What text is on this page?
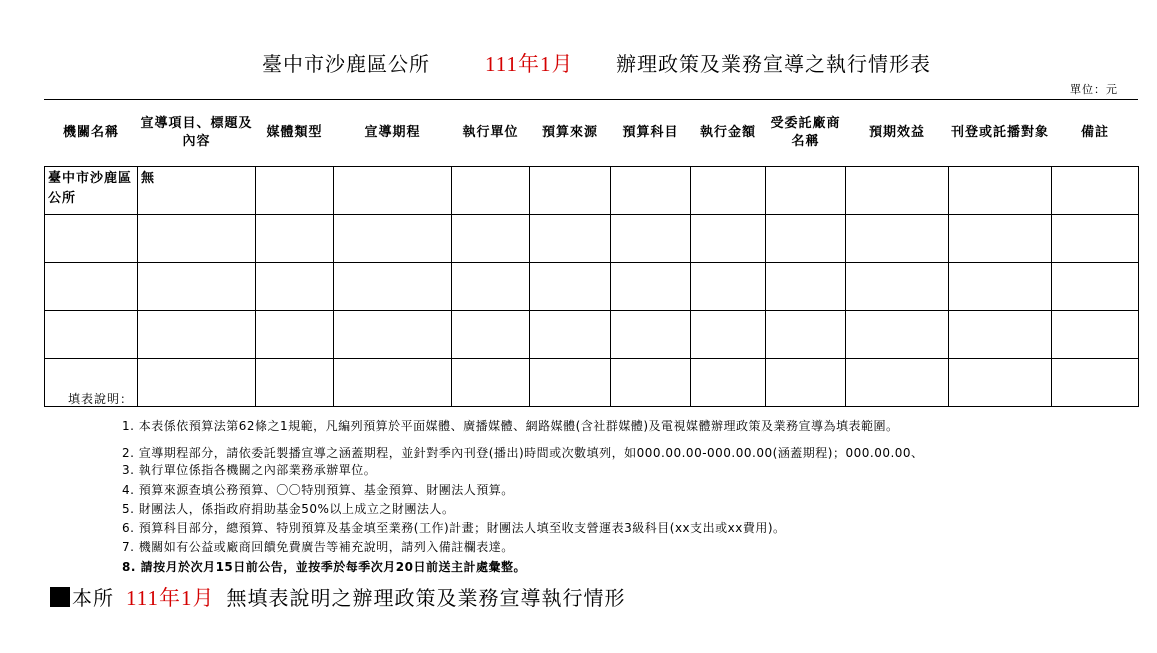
臺中市沙鹿區公所	111年1月 辦理政策及業務宣導之執行情形表
單位：元
機關名稱	宣導項目、標題及內容	媒體類型	宣導期程	執行單位	預算來源	預算科目	執行金額	受委託廠商名稱	預期效益	刊登或託播對象	備註
臺中市沙鹿區公所	無										

填表說明：
1. 本表係依預算法第62條之1規範，凡編列預算於平面媒體、廣播媒體、網路媒體(含社群媒體)及電視媒體辦理政策及業務宣導為填表範圍。
2. 宣導期程部分，請依委託製播宣導之涵蓋期程，並針對季內刊登(播出)時間或次數填列，如000.00.00-000.00.00(涵蓋期程)；000.00.00、
3. 執行單位係指各機關之內部業務承辦單位。
4. 預算來源查填公務預算、〇〇特別預算、基金預算、財團法人預算。
5. 財團法人，係指政府捐助基金50%以上成立之財團法人。
6. 預算科目部分，總預算、特別預算及基金填至業務(工作)計畫；財團法人填至收支營運表3級科目(xx支出或xx費用)。
7. 機關如有公益或廠商回饋免費廣告等補充說明，請列入備註欄表達。
8. 請按月於次月15日前公告，並按季於每季次月20日前送主計處彙整。
本所 111年1月 無填表說明之辦理政策及業務宣導執行情形
